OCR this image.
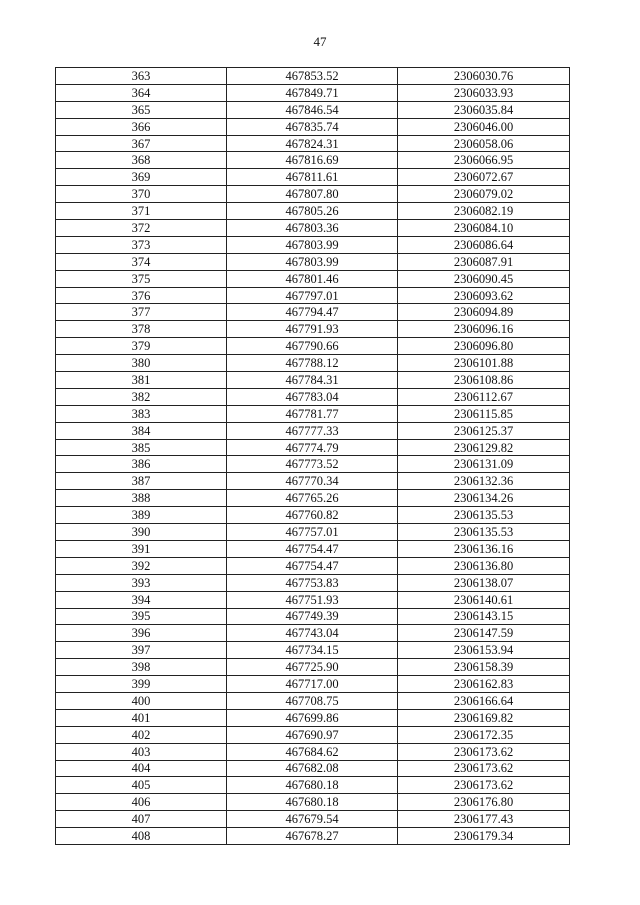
47
363	467853.52	2306030.76
364	467849.71	2306033.93
365	467846.54	2306035.84
366	467835.74	2306046.00
367	467824.31	2306058.06
368	467816.69	2306066.95
369	467811.61	2306072.67
370	467807.80	2306079.02
371	467805.26	2306082.19
372	467803.36	2306084.10
373	467803.99	2306086.64
374	467803.99	2306087.91
375	467801.46	2306090.45
376	467797.01	2306093.62
377	467794.47	2306094.89
378	467791.93	2306096.16
379	467790.66	2306096.80
380	467788.12	2306101.88
381	467784.31	2306108.86
382	467783.04	2306112.67
383	467781.77	2306115.85
384	467777.33	2306125.37
385	467774.79	2306129.82
386	467773.52	2306131.09
387	467770.34	2306132.36
388	467765.26	2306134.26
389	467760.82	2306135.53
390	467757.01	2306135.53
391	467754.47	2306136.16
392	467754.47	2306136.80
393	467753.83	2306138.07
394	467751.93	2306140.61
395	467749.39	2306143.15
396	467743.04	2306147.59
397	467734.15	2306153.94
398	467725.90	2306158.39
399	467717.00	2306162.83
400	467708.75	2306166.64
401	467699.86	2306169.82
402	467690.97	2306172.35
403	467684.62	2306173.62
404	467682.08	2306173.62
405	467680.18	2306173.62
406	467680.18	2306176.80
407	467679.54	2306177.43
408	467678.27	2306179.34
